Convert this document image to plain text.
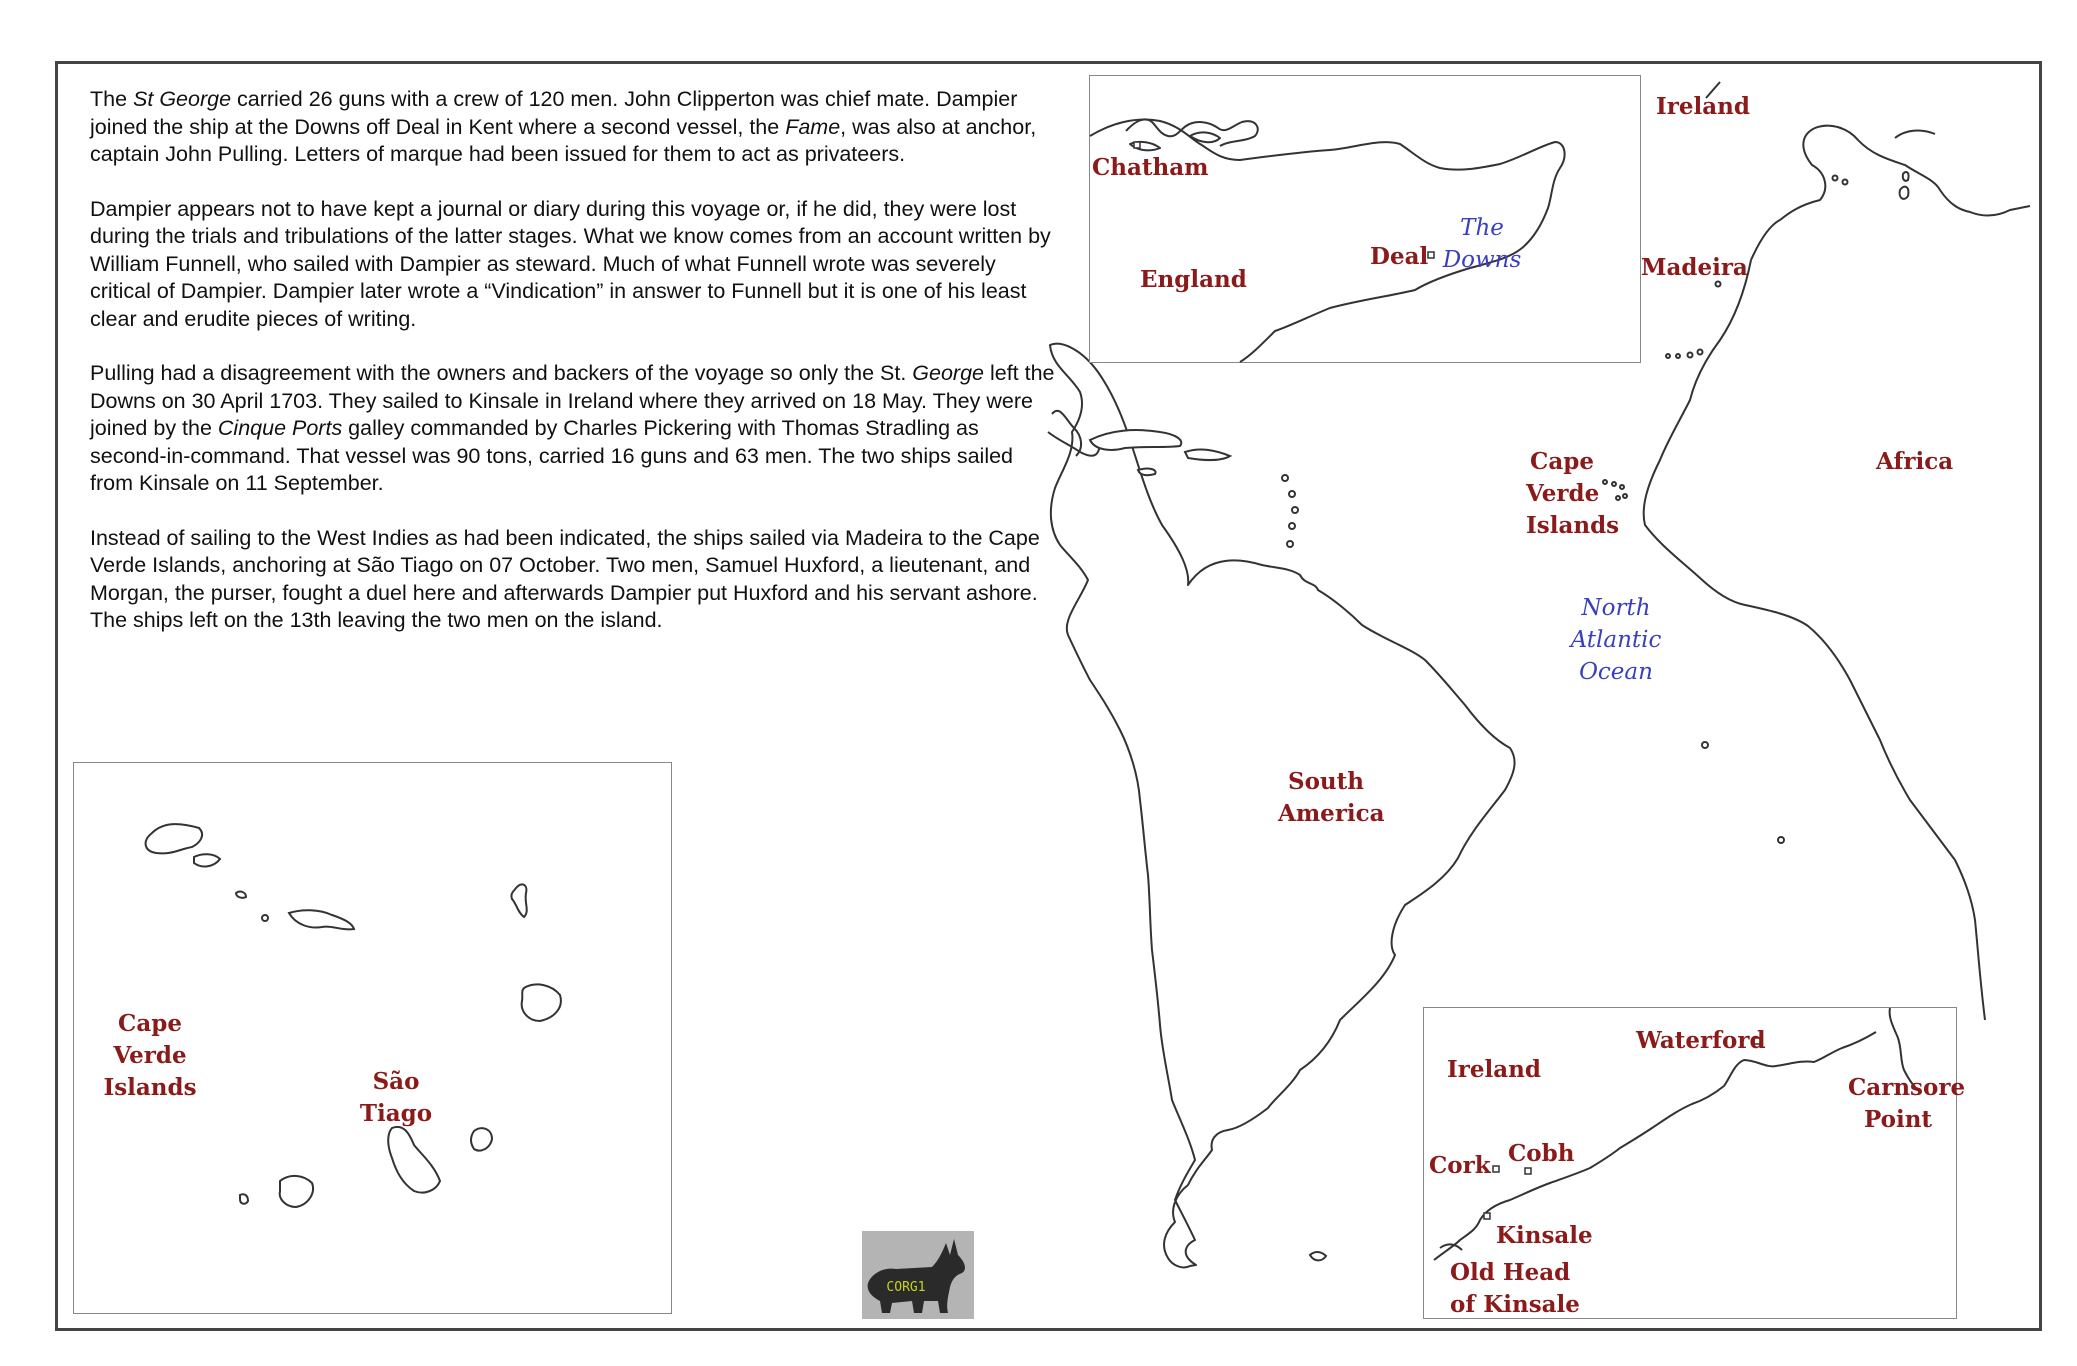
The St George carried 26 guns with a crew of 120 men. John Clipperton was chief mate. Dampier joined the ship at the Downs off Deal in Kent where a second vessel, the Fame, was also at anchor, captain John Pulling. Letters of marque had been issued for them to act as privateers.

Dampier appears not to have kept a journal or diary during this voyage or, if he did, they were lost during the trials and tribulations of the latter stages. What we know comes from an account written by William Funnell, who sailed with Dampier as steward. Much of what Funnell wrote was severely critical of Dampier. Dampier later wrote a “Vindication” in answer to Funnell but it is one of his least clear and erudite pieces of writing.

Pulling had a disagreement with the owners and backers of the voyage so only the St. George left the Downs on 30 April 1703. They sailed to Kinsale in Ireland where they arrived on 18 May. They were joined by the Cinque Ports galley commanded by Charles Pickering with Thomas Stradling as second-in-command. That vessel was 90 tons, carried 16 guns and 63 men. The two ships sailed from Kinsale on 11 September.

Instead of sailing to the West Indies as had been indicated, the ships sailed via Madeira to the Cape Verde Islands, anchoring at São Tiago on 07 October. Two men, Samuel Huxford, a lieutenant, and Morgan, the purser, fought a duel here and afterwards Dampier put Huxford and his servant ashore. The ships left on the 13th leaving the two men on the island.

Ireland
Madeira
Cape
Verde
Islands
Africa
North
Atlantic
Ocean
South
America
Chatham
England
Deal
The
Downs
Cape
Verde
Islands	São
Tiago
Ireland
Waterford
Carnsore
Point
Cork Cobh
Kinsale
Old Head
of Kinsale
CORG1
